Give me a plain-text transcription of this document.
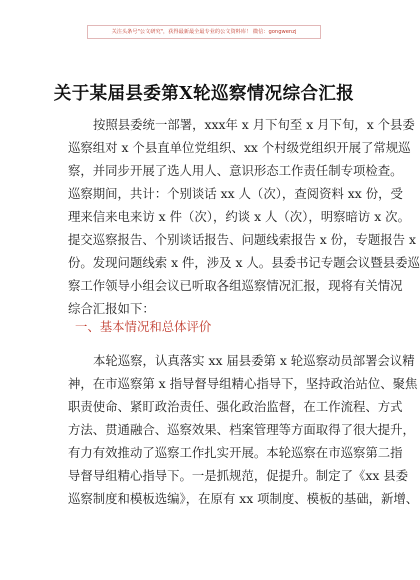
关注头条号"公文研究"，获得最新最全最专业的公文资料库！ 微信：gongwenzj
关于某届县委第X轮巡察情况综合汇报
按照县委统一部署，xxx年 x 月下旬至 x 月下旬，x 个县委
巡察组对 x 个县直单位党组织、xx 个村级党组织开展了常规巡
察，并同步开展了选人用人、意识形态工作责任制专项检查。
巡察期间，共计：个别谈话 xx 人（次），查阅资料 xx 份，受
理来信来电来访 x 件（次），约谈 x 人（次），明察暗访 x 次。
提交巡察报告、个别谈话报告、问题线索报告 x 份，专题报告 x
份。发现问题线索 x 件，涉及 x 人。县委书记专题会议暨县委巡
察工作领导小组会议已听取各组巡察情况汇报，现将有关情况
综合汇报如下：
一、基本情况和总体评价
本轮巡察，认真落实 xx 届县委第 x 轮巡察动员部署会议精
神，在市巡察第 x 指导督导组精心指导下，坚持政治站位、聚焦
职责使命、紧盯政治责任、强化政治监督，在工作流程、方式
方法、贯通融合、巡察效果、档案管理等方面取得了很大提升，
有力有效推动了巡察工作扎实开展。本轮巡察在市巡察第二指
导督导组精心指导下。一是抓规范，促提升。制定了《xx 县委
巡察制度和模板选编》，在原有 xx 项制度、模板的基础，新增、
